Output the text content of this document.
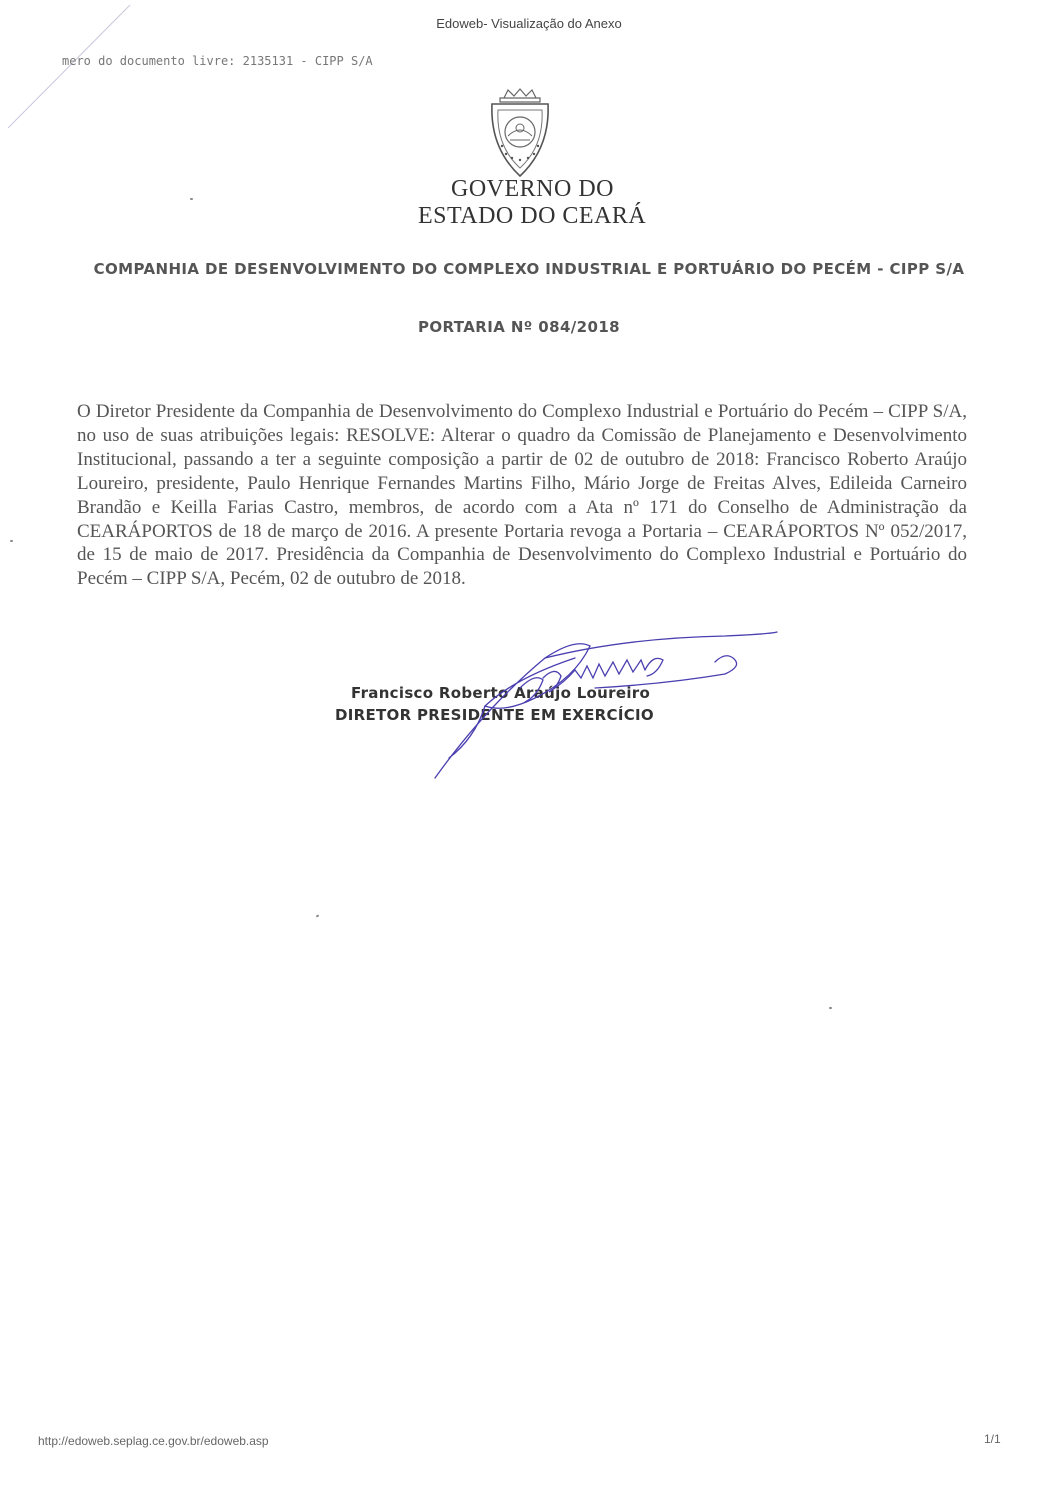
Edoweb- Visualização do Anexo
mero do documento livre: 2135131 - CIPP S/A
GOVERNO DO
ESTADO DO CEARÁ
COMPANHIA DE DESENVOLVIMENTO DO COMPLEXO INDUSTRIAL E PORTUÁRIO DO PECÉM - CIPP S/A
PORTARIA Nº 084/2018
O Diretor Presidente da Companhia de Desenvolvimento do Complexo Industrial e Portuário do Pecém – CIPP S/A, no uso de suas atribuições legais: RESOLVE: Alterar o quadro da Comissão de Planejamento e Desenvolvimento Institucional, passando a ter a seguinte composição a partir de 02 de outubro de 2018: Francisco Roberto Araújo Loureiro, presidente, Paulo Henrique Fernandes Martins Filho, Mário Jorge de Freitas Alves, Edileida Carneiro Brandão e Keilla Farias Castro, membros, de acordo com a Ata nº 171 do Conselho de Administração da CEARÁPORTOS de 18 de março de 2016. A presente Portaria revoga a Portaria – CEARÁPORTOS Nº 052/2017, de 15 de maio de 2017. Presidência da Companhia de Desenvolvimento do Complexo Industrial e Portuário do Pecém – CIPP S/A, Pecém, 02 de outubro de 2018.
Francisco Roberto Araújo Loureiro
DIRETOR PRESIDENTE EM EXERCÍCIO
http://edoweb.seplag.ce.gov.br/edoweb.asp	1/1
